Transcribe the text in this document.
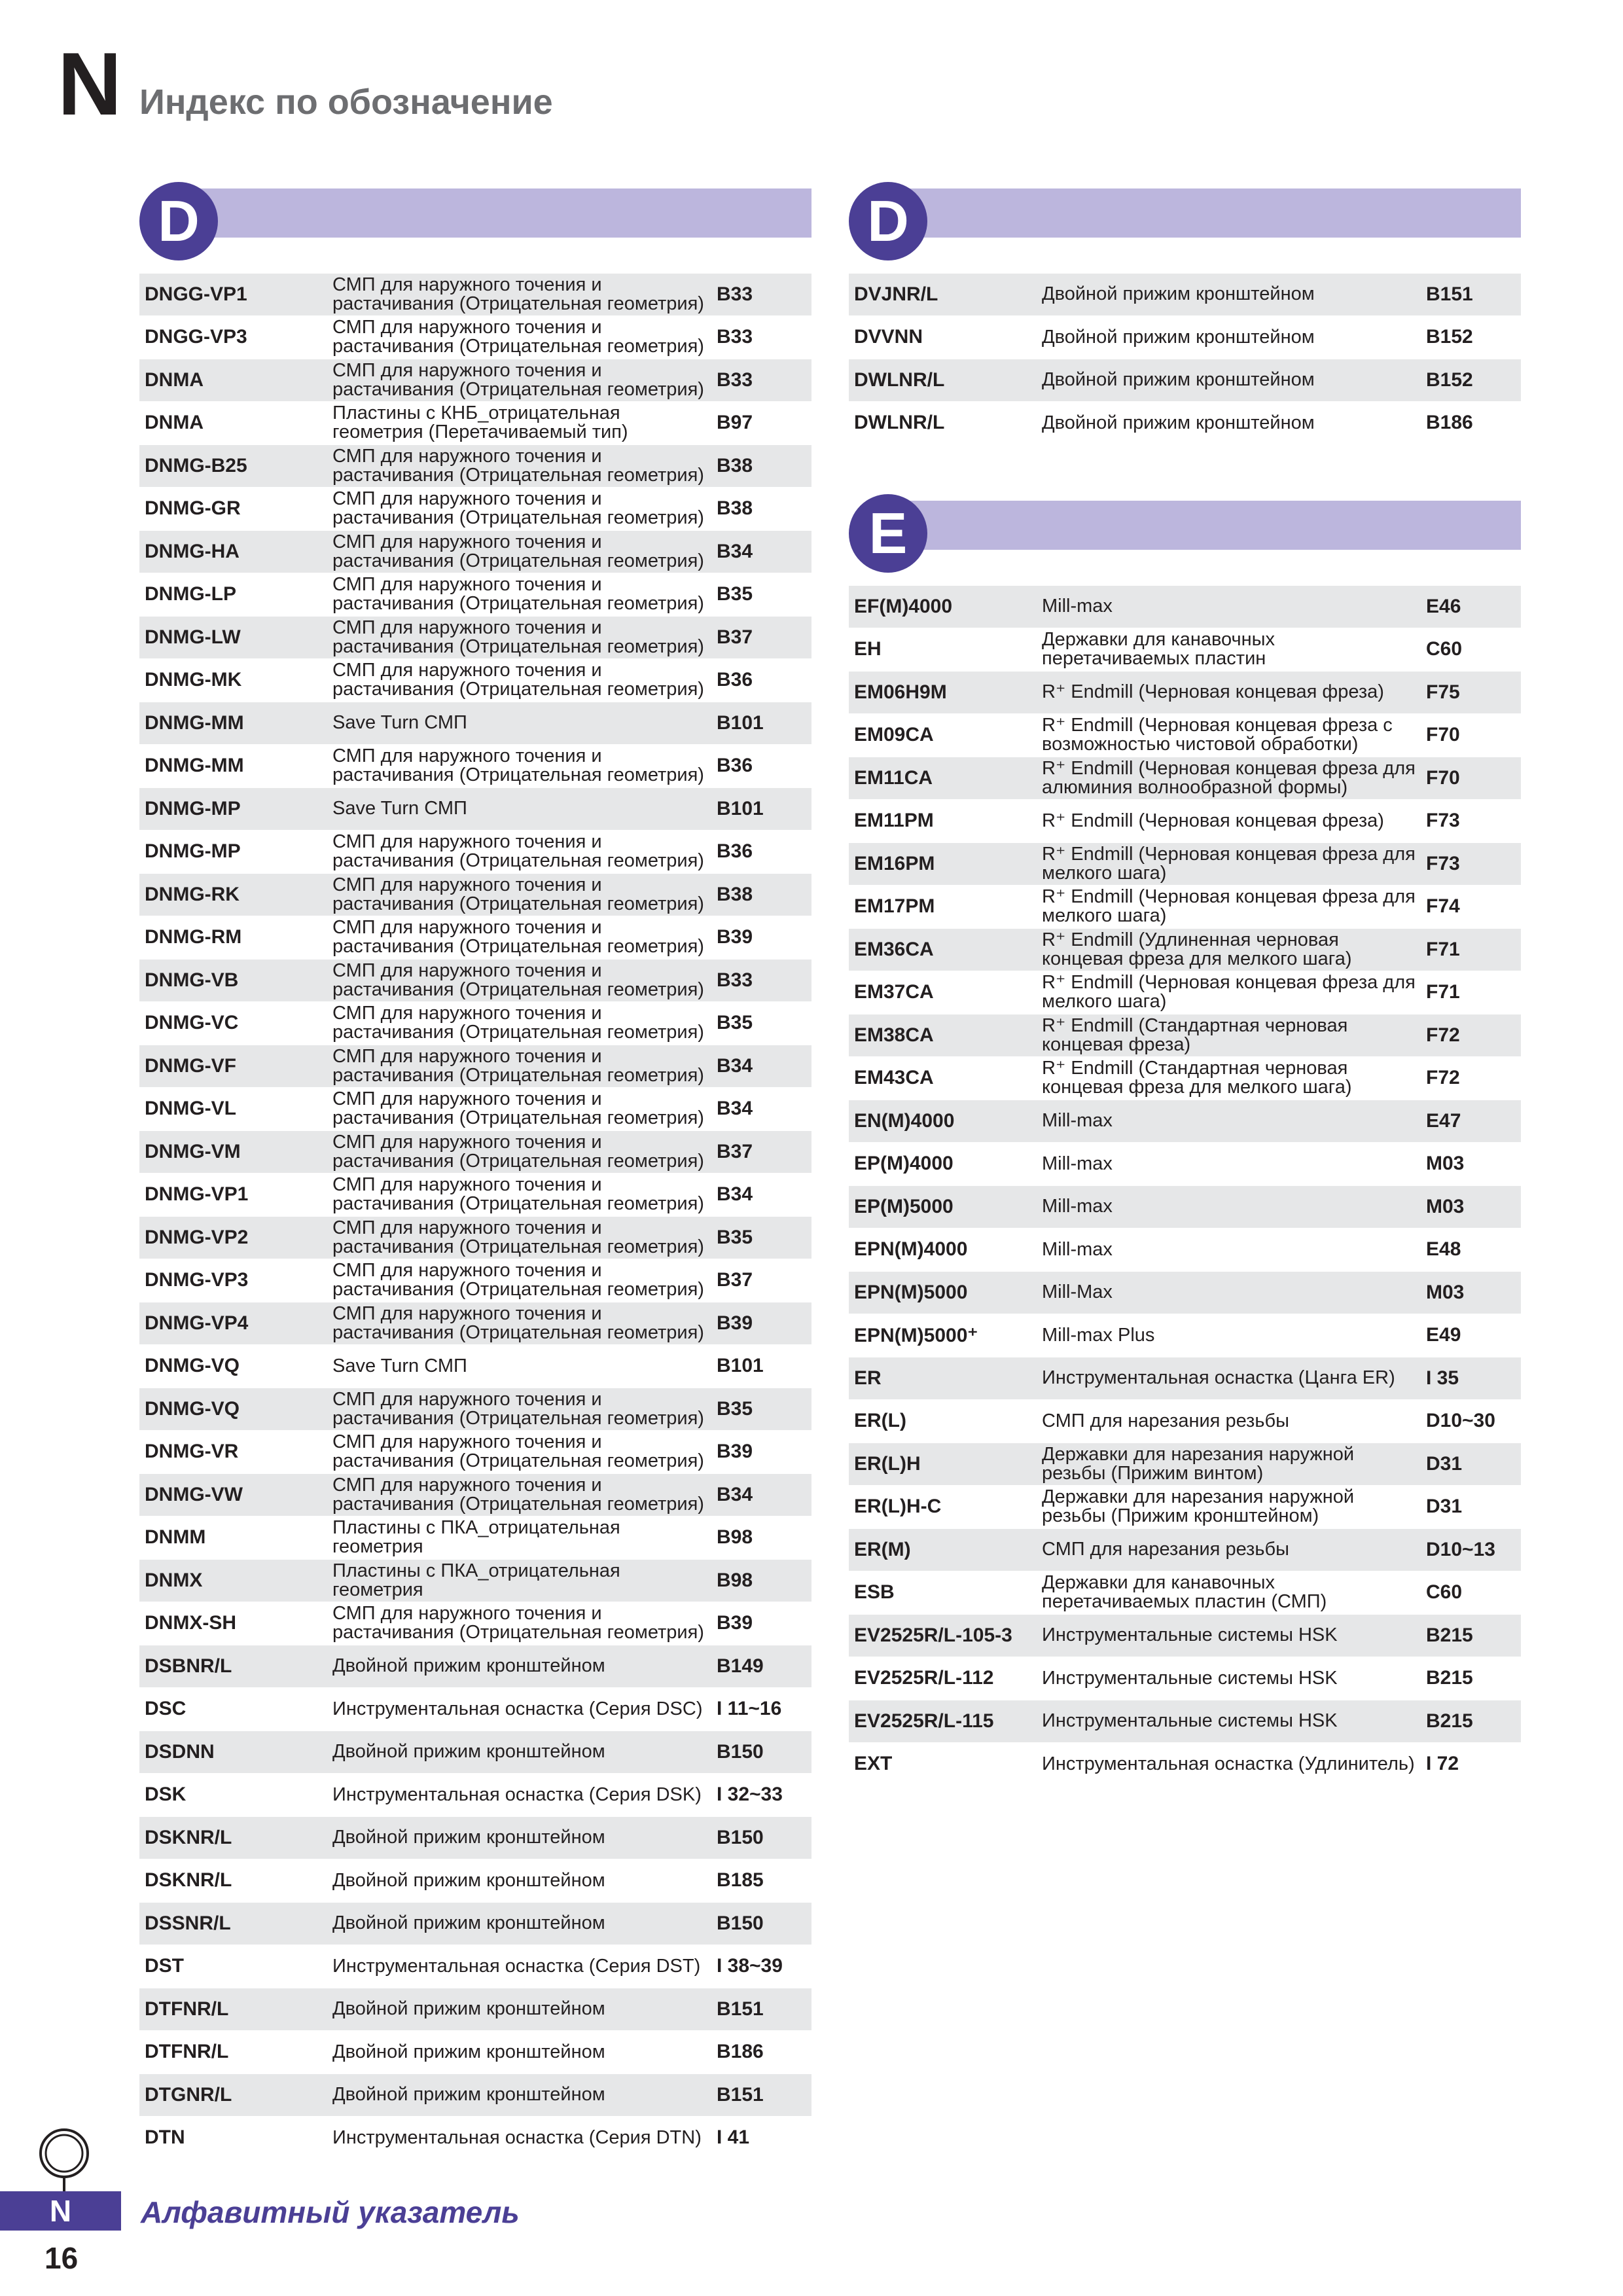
N Индекс по обозначение
D
DNGG-VP1	СМП для наружного точения и растачивания (Отрицательная геометрия) B33
DNGG-VP3	СМП для наружного точения и растачивания (Отрицательная геометрия) B33
DNMA	СМП для наружного точения и растачивания (Отрицательная геометрия) B33
DNMA	Пластины с КНБ_отрицательная геометрия (Перетачиваемый тип)	B97
DNMG-B25	СМП для наружного точения и растачивания (Отрицательная геометрия) B38
DNMG-GR	СМП для наружного точения и растачивания (Отрицательная геометрия) B38
DNMG-HA	СМП для наружного точения и растачивания (Отрицательная геометрия) B34
DNMG-LP	СМП для наружного точения и растачивания (Отрицательная геометрия) B35
DNMG-LW	СМП для наружного точения и растачивания (Отрицательная геометрия) B37
DNMG-MK	СМП для наружного точения и растачивания (Отрицательная геометрия) B36
DNMG-MM	Save Turn СМП	B101
DNMG-MM	СМП для наружного точения и растачивания (Отрицательная геометрия) B36
DNMG-MP	Save Turn СМП	B101
DNMG-MP	СМП для наружного точения и растачивания (Отрицательная геометрия) B36
DNMG-RK	СМП для наружного точения и растачивания (Отрицательная геометрия) B38
DNMG-RM	СМП для наружного точения и растачивания (Отрицательная геометрия) B39
DNMG-VB	СМП для наружного точения и растачивания (Отрицательная геометрия) B33
DNMG-VC	СМП для наружного точения и растачивания (Отрицательная геометрия) B35
DNMG-VF	СМП для наружного точения и растачивания (Отрицательная геометрия) B34
DNMG-VL	СМП для наружного точения и растачивания (Отрицательная геометрия) B34
DNMG-VM	СМП для наружного точения и растачивания (Отрицательная геометрия) B37
DNMG-VP1	СМП для наружного точения и растачивания (Отрицательная геометрия) B34
DNMG-VP2	СМП для наружного точения и растачивания (Отрицательная геометрия) B35
DNMG-VP3	СМП для наружного точения и растачивания (Отрицательная геометрия) B37
DNMG-VP4	СМП для наружного точения и растачивания (Отрицательная геометрия) B39
DNMG-VQ	Save Turn СМП	B101
DNMG-VQ	СМП для наружного точения и растачивания (Отрицательная геометрия) B35
DNMG-VR	СМП для наружного точения и растачивания (Отрицательная геометрия) B39
DNMG-VW	СМП для наружного точения и растачивания (Отрицательная геометрия) B34
DNMM	Пластины с ПКА_отрицательная геометрия	B98
DNMX	Пластины с ПКА_отрицательная геометрия	B98
DNMX-SH	СМП для наружного точения и растачивания (Отрицательная геометрия) B39
DSBNR/L	Двойной прижим кронштейном	B149
DSC	Инструментальная оснастка (Серия DSC) I 11~16
DSDNN	Двойной прижим кронштейном	B150
DSK	Инструментальная оснастка (Серия DSK) I 32~33
DSKNR/L	Двойной прижим кронштейном	B150
DSKNR/L	Двойной прижим кронштейном	B185
DSSNR/L	Двойной прижим кронштейном	B150
DST	Инструментальная оснастка (Серия DST) I 38~39
DTFNR/L	Двойной прижим кронштейном	B151
DTFNR/L	Двойной прижим кронштейном	B186
DTGNR/L	Двойной прижим кронштейном	B151
DTN	Инструментальная оснастка (Серия DTN) I 41
D
DVJNR/L	Двойной прижим кронштейном	B151
DVVNN	Двойной прижим кронштейном	B152
DWLNR/L	Двойной прижим кронштейном	B152
DWLNR/L	Двойной прижим кронштейном	B186
E
EF(M)4000	Mill-max	E46
EH	Державки для канавочных перетачиваемых пластин	C60
EM06H9M	R⁺ Endmill (Черновая концевая фреза)	F75
EM09CA	R⁺ Endmill (Черновая концевая фреза с возможностью чистовой обработки)	F70
EM11CA	R⁺ Endmill (Черновая концевая фреза для алюминия волнообразной формы)	F70
EM11PM	R⁺ Endmill (Черновая концевая фреза)	F73
EM16PM	R⁺ Endmill (Черновая концевая фреза для мелкого шага)	F73
EM17PM	R⁺ Endmill (Черновая концевая фреза для мелкого шага)	F74
EM36CA	R⁺ Endmill (Удлиненная черновая концевая фреза для мелкого шага)	F71
EM37CA	R⁺ Endmill (Черновая концевая фреза для мелкого шага)	F71
EM38CA	R⁺ Endmill (Стандартная черновая концевая фреза)	F72
EM43CA	R⁺ Endmill (Стандартная черновая концевая фреза для мелкого шага)	F72
EN(M)4000	Mill-max	E47
EP(M)4000	Mill-max	M03
EP(M)5000	Mill-max	M03
EPN(M)4000	Mill-max	E48
EPN(M)5000	Mill-Max	M03
EPN(M)5000⁺	Mill-max Plus	E49
ER	Инструментальная оснастка (Цанга ER)	I 35
ER(L)	СМП для нарезания резьбы	D10~30
ER(L)H	Державки для нарезания наружной резьбы (Прижим винтом)	D31
ER(L)H-C	Державки для нарезания наружной резьбы (Прижим кронштейном)	D31
ER(M)	СМП для нарезания резьбы	D10~13
ESB	Державки для канавочных перетачиваемых пластин (СМП)	C60
EV2525R/L-105-3	Инструментальные системы HSK	B215
EV2525R/L-112	Инструментальные системы HSK	B215
EV2525R/L-115	Инструментальные системы HSK	B215
EXT	Инструментальная оснастка (Удлинитель) I 72
N	Алфавитный указатель
16
